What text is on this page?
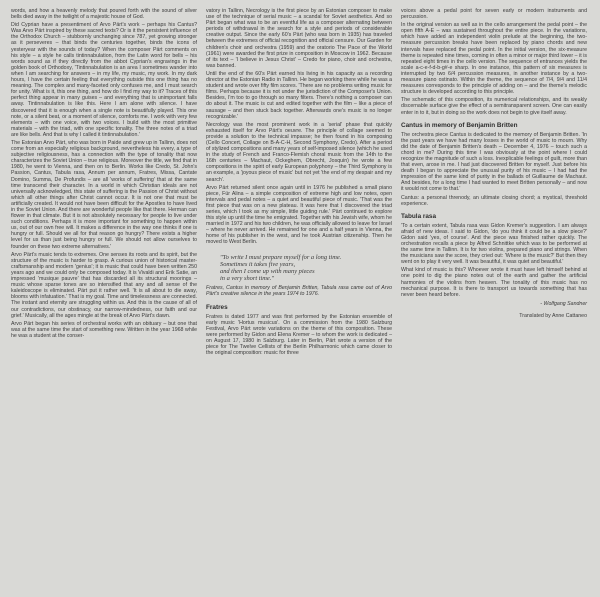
words, and how a heavenly melody that poured forth with the sound of silver bells died away in the twilight of a majestic house of God.

Did Cyprian have a presentiment of Arvo Pärt's work – perhaps his Cantus? Was Arvo Pärt inspired by these sacred texts? Or is it the persistent influence of the Orthodox Church – stubbornly unchanging since 787, yet growing stronger as it perseveres – that binds the centuries together, binds the icons of yesteryear with the sounds of today? When the composer Pärt comments on his style – a style he calls tintinnabulation, from the Latin word for bells – his words sound as if they directly from the abbot Cyprian's engravings in the golden book of Orthodoxy, 'Tintinnabulation is an area I sometimes wander into when I am searching for answers – in my life, my music, my work. In my dark hours, I have the certain feeling that everything outside this one thing has no meaning. The complex and many-faceted only confuses me, and I must search for unity. What is it, this one thing, and how do I find my way to it? Traces of this perfect thing appear in many guises – and everything that is unimportant falls away. Tintinnabulation is like this. Here I am alone with silence. I have discovered that it is enough when a single note is beautifully played. This one note, or a silent beat, or a moment of silence, comforts me. I work with very few elements – with one voice, with two voices. I build with the most primitive materials – with the triad, with one specific tonality. The three notes of a triad are like bells. And that is why I called it tintinnabulation.'

The Estonian Arvo Pärt, who was born in Paide and grew up in Tallinn, does not come from an especially religious background, nevertheless his every, a type of subjective religiousness, has a connection with the type of tonality that now characterizes the Soviet Union – true religious. Moreover the title, we find that in 1980, he went to Vienna, and then on to Berlin. Works like Credo, St. John's Passion, Cantus, Tabula rasa, Annum per annum, Fratres, Missa, Cantate Domino, Summa, De Profundis – are all 'works of suffering' that at the same time transcend their character. In a world in which Christian ideals are not universally acknowledged, this state of suffering is the Passion of Christ without which all other things after Christ cannot occur. It is not one that must be artificially created. It would not have been difficult for the Apostles to have lived in the Soviet Union. And there are wonderful people like that there. Herman can flower in that climate. But it is not absolutely necessary for people to live under such conditions. Perhaps it is more important for something to happen within us, out of our own free will. It makes a difference in the way one thinks if one is hungry or full. Should we all for that reason go hungry? There exists a higher level for us than just being hungry or full. We should not allow ourselves to founder on these two extreme alternatives.'

Arvo Pärt's music tends to extremes. One senses its roots and its spirit, but the structure of the music is harder to grasp. A curious union of historical master-craftsmanship and modern 'genius'; it is music that could have been written 250 years ago and we could only be composed today. It is Vivaldi and Erik Satie, an impressed 'musique pauvre' that has discarded all its structural moorings – music whose sparse tones are so intensified that any and all sense of the kaleidoscope is eliminated. Pärt put it rather well. 'It is all about to die away, blooms with infatuation.' That is my goal. Time and timelessness are connected. The instant and eternity are struggling within us. And this is the cause of all of our contradictions, our obstinacy, our narrow-mindedness, our faith and our grief.' Musically, all the ages mingle at the break of Arvo Pärt's dawn.

Arvo Pärt began his series of orchestral works with an obituary – but one that was at the same time the start of something new. Written in the year 1968 while he was a student at the conser-

vatory in Tallinn, Necrology is the first piece by an Estonian composer to make use of the technique of serial music – a scandal for Soviet aesthetics. And so Pärt began what was to be an eventful life as a composer alternating between periods of withdrawal in the search for a style and periods of considerable creative output. Since the early 60's Pärt (who was born in 1935) has traveled between the extremes of official recognition and official censure. Our Garden for children's choir and orchestra (1959) and the oratorio The Pace of the World (1961) were awarded the first prize in composition in Moscow in 1962. Because of its text – 'I believe in Jesus Christ' – Credo for piano, choir and orchestra, was banned.

Until the end of the 60's Pärt earned his living in his capacity as a recording director at the Estonian Radio in Tallinn. He began working there while he was a student and wrote over fifty film scores. 'There are no problems writing music for films. Perhaps because it is not under the jurisdiction of the Composer's Union. Besides, I'm too to go through so many filters. There's nothing a composer can do about it. The music is cut and edited together with the film – like a piece of sausage – and then stuck back together. Afterwards one's music is no longer recognizable.'

Necrology was the most prominent work in a 'serial' phase that quickly exhausted itself for Arvo Pärt's oeuvre. The principle of collage seemed to provide a solution to the technical impasse; he then found in his composing (Cello Concert, Collage on B-A-C-H, Second Symphony, Credo). After a period of stylized compositions and many years of self-imposed silence (which he used in the study of French and Franco-Flemish choral music from the 14th to the 16th centuries – Machaut, Ockeghem, Obrecht, Josquin) he wrote a few compositions in the spirit of early European polyphony – the Third Symphony is an example, a 'joyous piece of music' but not yet 'the end of my despair and my search'.

Arvo Pärt returned silent once again until in 1976 he published a small piano piece, Für Alina – a simple composition of extreme high and low notes, open intervals and pedal notes – a quiet and beautiful piece of music. 'That was the first piece that was on a new plateau. It was here that I discovered the triad series, which I took as my simple, little guiding rule.' Pärt continued to explore this style up until the time he emigrated. Together with his Jewish wife, whom he married in 1972 and his two children, he was officially allowed to leave for Israel – where he never arrived. He remained for one and a half years in Vienna, the home of his publisher in the west, and he took Austrian citizenship. Then he moved to West Berlin.

"To write I must prepare myself for a long time.
Sometimes it takes five years,
and then I come up with many pieces
in a very short time."

Fratres, Cantus in memory of Benjamin Britten, Tabula rasa came out of Arvo Pärt's creative silence in the years 1974 to 1976.

Fratres

Fratres is dated 1977 and was first performed by the Estonian ensemble of early music 'Hortus musicus'. On a commission from the 1980 Salzburg Festival, Arvo Pärt wrote variations on the theme of this composition. These were performed by Gidon and Elena Kremer – to whom the work is dedicated – on August 17, 1980 in Salzburg. Later in Berlin, Pärt wrote a version of the piece for The Twelve Cellists of the Berlin Philharmonic which came closer to the original composition: music for three

voices above a pedal point for seven early or modern instruments and percussion.

In the original version as well as in the cello arrangement the pedal point – the open fifth A-E – was sustained throughout the entire piece. In the variations, which have added an independent violin prelude at the beginning, the two-measure percussion breaks have been replaced by piano chords and new intervals have replaced the pedal point. In the initial version, the six-measure theme is repeated nine times, coming in often a minor or major third lower – it is repeated eight times in the cello version. The sequence of entrances yields the scale a-c-e-f-d-b-g#-e sharp. In one instance, this pattern of six measures is interrupted by two 6/4 percussion measures, in another instance by a two-measure piano ostinato. Within the theme, the sequence of 7/4, 9/4 and 11/4 measures corresponds to the principle of adding on – and the theme's melodic structure is developed according to this principle.

The schematic of this composition, its numerical relationships, and its weakly discernable surface give the effect of a semitransparent screen. One can easily enter in to it, but in doing so the work does not begin to give itself away.

Cantus in memory of Benjamin Britten

The orchestra piece Cantus is dedicated to the memory of Benjamin Britten. 'In the past years we have had many losses in the world of music to mourn. Why did the date of Benjamin Britten's death – December 4, 1976 – touch such a chord in me? During this time I was obviously at the point where I could recognize the magnitude of such a loss. Inexplicable feelings of guilt, more than that even, arose in me. I had just discovered Britten for myself. Just before his death I began to appreciate the unusual purity of his music – I had had the impression of the same kind of purity in the ballads of Guillaume de Machaut. And besides, for a long time I had wanted to meet Britten personally – and now it would not come to that.'

Cantus: a personal threnody, an ultimate closing chord; a mystical, threshold experience.

Tabula rasa

'To a certain extent, Tabula rasa was Gidon Kremer's suggestion. I am always afraid of new ideas. I said to Gidon, 'do you think it could be a slow piece?' Gidon said 'yes, of course'. And the piece was finished rather quickly. The orchestration recalls a piece by Alfred Schnittke which was to be performed at the same time in Tallinn. It is for two violins, prepared piano and strings. When the musicians saw the score, they cried out: 'Where is the music?' But then they went on to play it very well. It was beautiful, it was quiet and beautiful.'

What kind of music is this? Whoever wrote it must have left himself behind at one point to dig the piano notes out of the earth and gather the artificial harmonies of the violins from heaven. The tonality of this music has no mechanical purpose. It is there to transport us towards something that has never been heard before.

- Wolfgang Sandner
Translated by Anne Cattaneo
